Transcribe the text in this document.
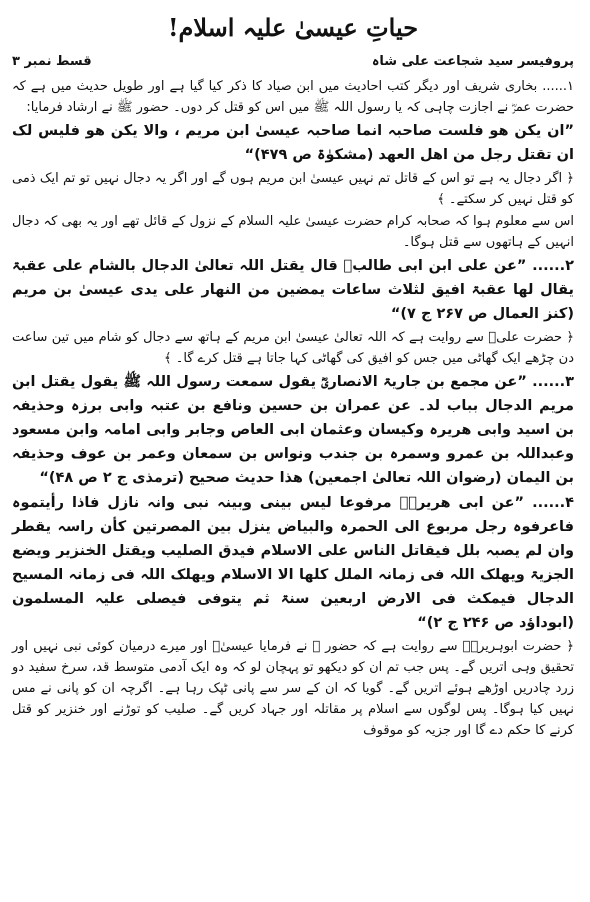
حیاتِ عیسیٰ علیہ اسلام!
پروفیسر سید شجاعت علی شاہ
قسط نمبر ۳

۱...... بخاری شریف اور دیگر کتب احادیث میں ابن صیاد کا ذکر کیا گیا ہے اور طویل حدیث میں ہے کہ حضرت عمرؓ نے اجازت چاہی کہ یا رسول اللہ ﷺ میں اس کو قتل کر دوں۔ حضور ﷺ نے ارشاد فرمایا:

”ان یکن ھو فلست صاحبہ انما صاحبہ عیسیٰ ابن مریم ، والا یکن ھو فلیس لک ان تقتل رجل من اھل العھد (مشکوٰۃ ص ۴۷۹)“

﴿ اگر دجال یہ ہے تو اس کے قاتل تم نہیں عیسیٰ ابن مریم ہوں گے اور اگر یہ دجال نہیں تو تم ایک ذمی کو قتل نہیں کر سکتے۔ ﴾

اس سے معلوم ہوا کہ صحابہ کرام حضرت عیسیٰ علیہ السلام کے نزول کے قائل تھے اور یہ بھی کہ دجال انہیں کے ہاتھوں سے قتل ہوگا۔

۲...... ”عن علی ابن ابی طالبؓ قال یقتل اللہ تعالیٰ الدجال بالشام علی عقبۃ یقال لھا عقبۃ افیق لثلاث ساعات یمضین من النھار علی یدی عیسیٰ بن مریم (کنز العمال ص ۲۶۷ ج ۷)“

﴿ حضرت علیؓ سے روایت ہے کہ اللہ تعالیٰ عیسیٰ ابن مریم کے ہاتھ سے دجال کو شام میں تین ساعت دن چڑھے ایک گھاٹی میں جس کو افیق کی گھاٹی کہا جاتا ہے قتل کرے گا۔ ﴾

۳...... ”عن مجمع بن جاریۃ الانصاریؓ یقول سمعت رسول اللہ ﷺ یقول یقتل ابن مریم الدجال بباب لد۔ عن عمران بن حسین ونافع بن عتبہ وابی برزہ وحذیفہ بن اسید وابی ھریرہ وکیسان وعثمان ابی العاص وجابر وابی امامہ وابن مسعود وعبداللہ بن عمرو وسمرہ بن جندب ونواس بن سمعان وعمر بن عوف وحذیفہ بن الیمان (رضوان اللہ تعالیٰ اجمعین) ھذا حدیث صحیح (ترمذی ج ۲ ص ۴۸)“

۴...... ”عن ابی ھریرۃؓ مرفوعا لیس بینی وبینہ نبی وانہ نازل فاذا رأیتموہ فاعرفوہ رجل مربوع الی الحمرہ والبیاض ینزل بین المصرتین کأن راسہ یقطر وان لم یصبہ بلل فیقاتل الناس علی الاسلام فیدق الصلیب ویقتل الخنزیر ویضع الجزیۃ ویھلک اللہ فی زمانہ الملل کلھا الا الاسلام ویھلک اللہ فی زمانہ المسیح الدجال فیمکث فی الارض اربعین سنۃ ثم یتوفی فیصلی علیہ المسلمون (ابوداؤد ص ۲۴۶ ج ۲)“

﴿ حضرت ابوہریرہؓ سے روایت ہے کہ حضور ﷺ نے فرمایا عیسیٰؑ اور میرے درمیان کوئی نبی نہیں اور تحقیق وہی اتریں گے۔ پس جب تم ان کو دیکھو تو پہچان لو کہ وہ ایک آدمی متوسط قد، سرخ سفید دو زرد چادریں اوڑھے ہوئے اتریں گے۔ گویا کہ ان کے سر سے پانی ٹپک رہا ہے۔ اگرچہ ان کو پانی نے مس نہیں کیا ہوگا۔ پس لوگوں سے اسلام پر مقاتلہ اور جہاد کریں گے۔ صلیب کو توڑنے اور خنزیر کو قتل کرنے کا حکم دے گا اور جزیہ کو موقوف
